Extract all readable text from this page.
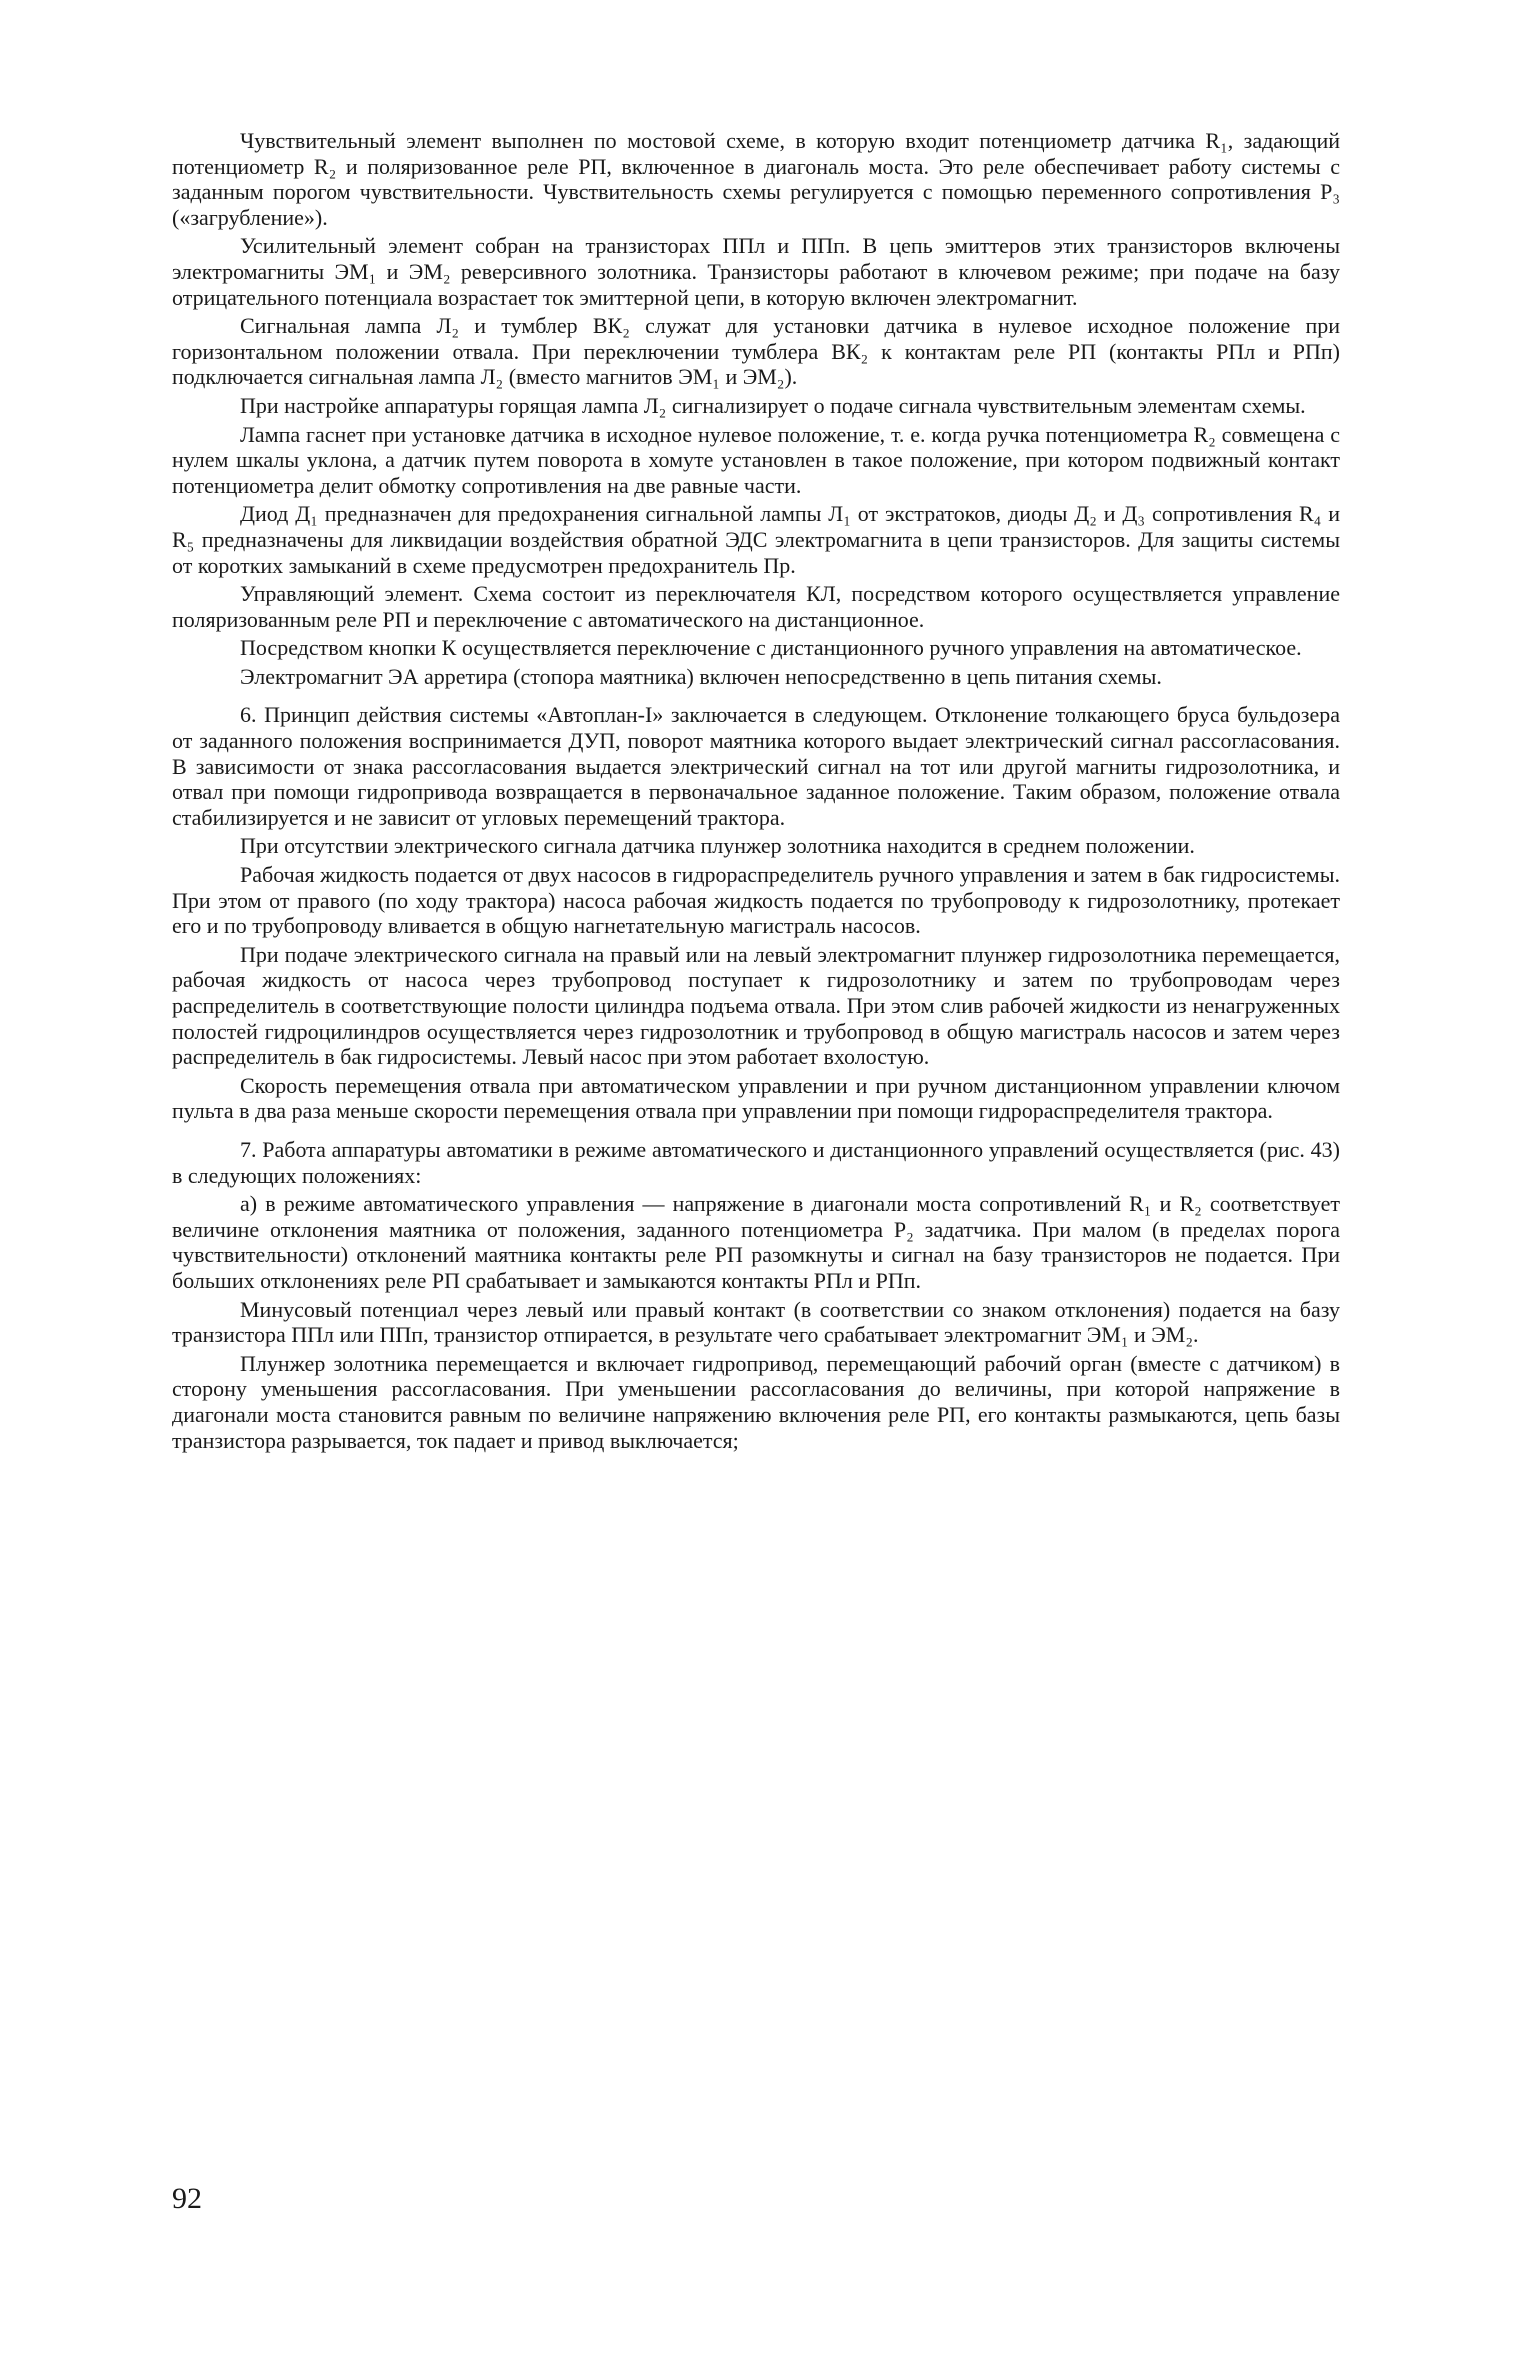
Чувствительный элемент выполнен по мостовой схеме, в которую входит потенциометр датчика R₁, задающий потенциометр R₂ и поляризованное реле РП, включенное в диагональ моста. Это реле обеспечивает работу системы с заданным порогом чувствительности. Чувствительность схемы регулируется с помощью переменного сопротивления Р₃ («загрубление»).

Усилительный элемент собран на транзисторах ППл и ППп. В цепь эмиттеров этих транзисторов включены электромагниты ЭМ₁ и ЭМ₂ реверсивного золотника. Транзисторы работают в ключевом режиме; при подаче на базу отрицательного потенциала возрастает ток эмиттерной цепи, в которую включен электромагнит.

Сигнальная лампа Л₂ и тумблер ВК₂ служат для установки датчика в нулевое исходное положение при горизонтальном положении отвала. При переключении тумблера ВК₂ к контактам реле РП (контакты РПл и РПп) подключается сигнальная лампа Л₂ (вместо магнитов ЭМ₁ и ЭМ₂).

При настройке аппаратуры горящая лампа Л₂ сигнализирует о подаче сигнала чувствительным элементам схемы.

Лампа гаснет при установке датчика в исходное нулевое положение, т. е. когда ручка потенциометра R₂ совмещена с нулем шкалы уклона, а датчик путем поворота в хомуте установлен в такое положение, при котором подвижный контакт потенциометра делит обмотку сопротивления на две равные части.

Диод Д₁ предназначен для предохранения сигнальной лампы Л₁ от экстратоков, диоды Д₂ и Д₃ сопротивления R₄ и R₅ предназначены для ликвидации воздействия обратной ЭДС электромагнита в цепи транзисторов. Для защиты системы от коротких замыканий в схеме предусмотрен предохранитель Пр.

Управляющий элемент. Схема состоит из переключателя КЛ, посредством которого осуществляется управление поляризованным реле РП и переключение с автоматического на дистанционное.

Посредством кнопки К осуществляется переключение с дистанционного ручного управления на автоматическое.

Электромагнит ЭА арретира (стопора маятника) включен непосредственно в цепь питания схемы.

6. Принцип действия системы «Автоплан-I» заключается в следующем. Отклонение толкающего бруса бульдозера от заданного положения воспринимается ДУП, поворот маятника которого выдает электрический сигнал рассогласования. В зависимости от знака рассогласования выдается электрический сигнал на тот или другой магниты гидрозолотника, и отвал при помощи гидропривода возвращается в первоначальное заданное положение. Таким образом, положение отвала стабилизируется и не зависит от угловых перемещений трактора.

При отсутствии электрического сигнала датчика плунжер золотника находится в среднем положении.

Рабочая жидкость подается от двух насосов в гидрораспределитель ручного управления и затем в бак гидросистемы. При этом от правого (по ходу трактора) насоса рабочая жидкость подается по трубопроводу к гидрозолотнику, протекает его и по трубопроводу вливается в общую нагнетательную магистраль насосов.

При подаче электрического сигнала на правый или на левый электромагнит плунжер гидрозолотника перемещается, рабочая жидкость от насоса через трубопровод поступает к гидрозолотнику и затем по трубопроводам через распределитель в соответствующие полости цилиндра подъема отвала. При этом слив рабочей жидкости из ненагруженных полостей гидроцилиндров осуществляется через гидрозолотник и трубопровод в общую магистраль насосов и затем через распределитель в бак гидросистемы. Левый насос при этом работает вхолостую.

Скорость перемещения отвала при автоматическом управлении и при ручном дистанционном управлении ключом пульта в два раза меньше скорости перемещения отвала при управлении при помощи гидрораспределителя трактора.

7. Работа аппаратуры автоматики в режиме автоматического и дистанционного управлений осуществляется (рис. 43) в следующих положениях:

а) в режиме автоматического управления — напряжение в диагонали моста сопротивлений R₁ и R₂ соответствует величине отклонения маятника от положения, заданного потенциометра Р₂ задатчика. При малом (в пределах порога чувствительности) отклонений маятника контакты реле РП разомкнуты и сигнал на базу транзисторов не подается. При больших отклонениях реле РП срабатывает и замыкаются контакты РПл и РПп.

Минусовый потенциал через левый или правый контакт (в соответствии со знаком отклонения) подается на базу транзистора ППл или ППп, транзистор отпирается, в результате чего срабатывает электромагнит ЭМ₁ и ЭМ₂.

Плунжер золотника перемещается и включает гидропривод, перемещающий рабочий орган (вместе с датчиком) в сторону уменьшения рассогласования. При уменьшении рассогласования до величины, при которой напряжение в диагонали моста становится равным по величине напряжению включения реле РП, его контакты размыкаются, цепь базы транзистора разрывается, ток падает и привод выключается;

92
